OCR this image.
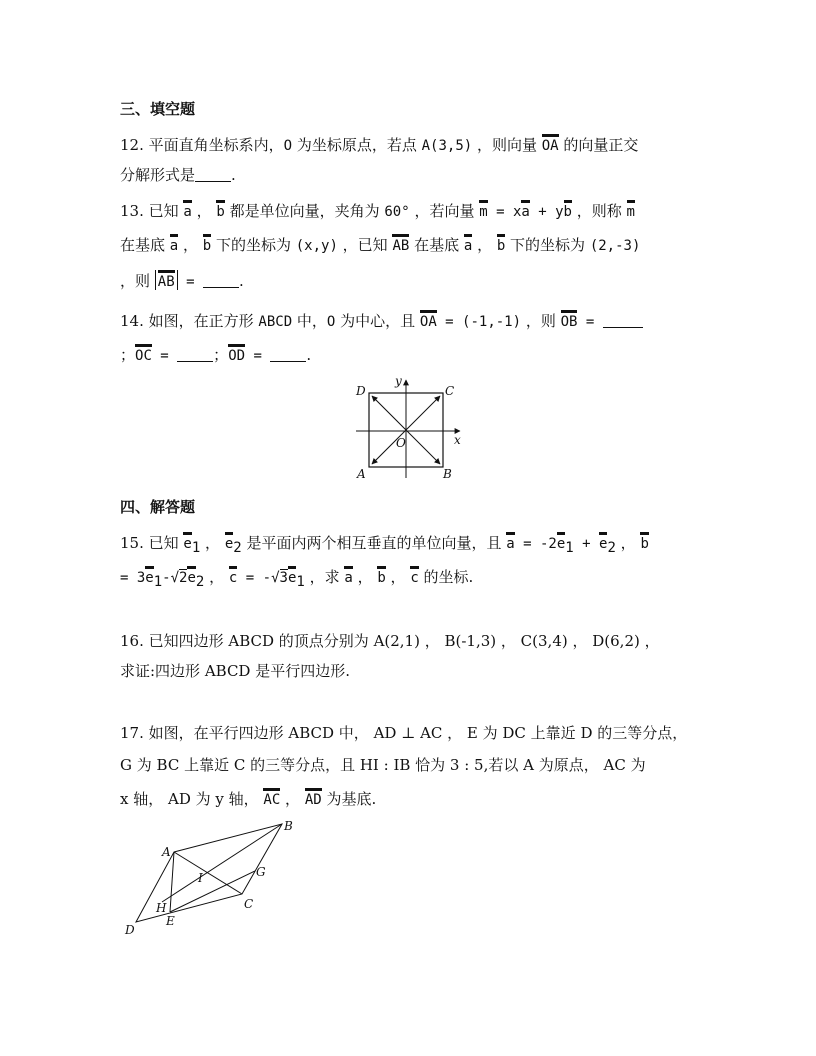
三、填空题
12. 平面直角坐标系内，O 为坐标原点，若点 A(3,5) ，则向量 OA 的向量正交
分解形式是 .
13. 已知 a ， b 都是单位向量，夹角为 60° ，若向量 m = xa + yb ，则称 m
在基底 a ， b 下的坐标为 (x,y) ，已知 AB 在基底 a ， b 下的坐标为 (2,-3)
，则 AB = .
14. 如图，在正方形 ABCD 中，O 为中心，且 OA = (-1,-1) ，则 OB =
；OC = ；OD = .
D	C
A	B
O	x
y
四、解答题
15. 已知 $e_1$ ， $e_2$ 是平面内两个相互垂直的单位向量，且 $a = -2e_1 + e_2$ ， b
= $3e_1-√2e_2$ ， $c = -√3e_1$ ，求 a ， b ， c 的坐标.
16. 已知四边形 ABCD 的顶点分别为 A(2,1) ， B(-1,3) ， C(3,4) ， D(6,2) ，
求证:四边形 ABCD 是平行四边形.
17. 如图，在平行四边形 ABCD 中， AD ⊥ AC ， E 为 DC 上靠近 D 的三等分点，
G 为 BC 上靠近 C 的三等分点，且 HI : IB 恰为 3 : 5,若以 A 为原点， AC 为
x 轴， AD 为 y 轴， AC ， AD 为基底.
A
B
C
D
E
G
H
I
